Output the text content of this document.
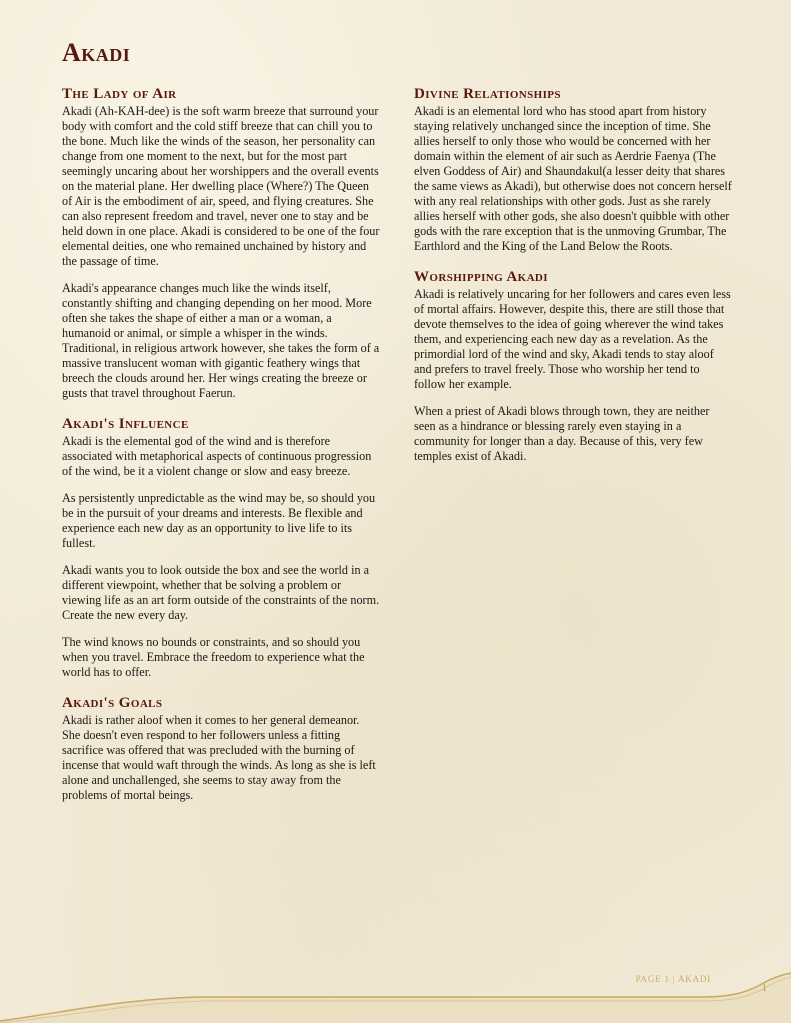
Akadi
The Lady of Air

Akadi (Ah-KAH-dee) is the soft warm breeze that surround your body with comfort and the cold stiff breeze that can chill you to the bone. Much like the winds of the season, her personality can change from one moment to the next, but for the most part seemingly uncaring about her worshippers and the overall events on the material plane. Her dwelling place (Where?) The Queen of Air is the embodiment of air, speed, and flying creatures. She can also represent freedom and travel, never one to stay and be held down in one place. Akadi is considered to be one of the four elemental deities, one who remained unchained by history and the passage of time.

Akadi's appearance changes much like the winds itself, constantly shifting and changing depending on her mood. More often she takes the shape of either a man or a woman, a humanoid or animal, or simple a whisper in the winds. Traditional, in religious artwork however, she takes the form of a massive translucent woman with gigantic feathery wings that breech the clouds around her. Her wings creating the breeze or gusts that travel throughout Faerun.

Akadi's Influence

Akadi is the elemental god of the wind and is therefore associated with metaphorical aspects of continuous progression of the wind, be it a violent change or slow and easy breeze.

As persistently unpredictable as the wind may be, so should you be in the pursuit of your dreams and interests. Be flexible and experience each new day as an opportunity to live life to its fullest.

Akadi wants you to look outside the box and see the world in a different viewpoint, whether that be solving a problem or viewing life as an art form outside of the constraints of the norm. Create the new every day.

The wind knows no bounds or constraints, and so should you when you travel. Embrace the freedom to experience what the world has to offer.

Akadi's Goals

Akadi is rather aloof when it comes to her general demeanor. She doesn't even respond to her followers unless a fitting sacrifice was offered that was precluded with the burning of incense that would waft through the winds. As long as she is left alone and unchallenged, she seems to stay away from the problems of mortal beings.

Divine Relationships

Akadi is an elemental lord who has stood apart from history staying relatively unchanged since the inception of time. She allies herself to only those who would be concerned with her domain within the element of air such as Aerdrie Faenya (The elven Goddess of Air) and Shaundakul(a lesser deity that shares the same views as Akadi), but otherwise does not concern herself with any real relationships with other gods. Just as she rarely allies herself with other gods, she also doesn't quibble with other gods with the rare exception that is the unmoving Grumbar, The Earthlord and the King of the Land Below the Roots.

Worshipping Akadi

Akadi is relatively uncaring for her followers and cares even less of mortal affairs. However, despite this, there are still those that devote themselves to the idea of going wherever the wind takes them, and experiencing each new day as a revelation. As the primordial lord of the wind and sky, Akadi tends to stay aloof and prefers to travel freely. Those who worship her tend to follow her example.

When a priest of Akadi blows through town, they are neither seen as a hindrance or blessing rarely even staying in a community for longer than a day. Because of this, very few temples exist of Akadi.

PAGE 1 | AKADI
1
